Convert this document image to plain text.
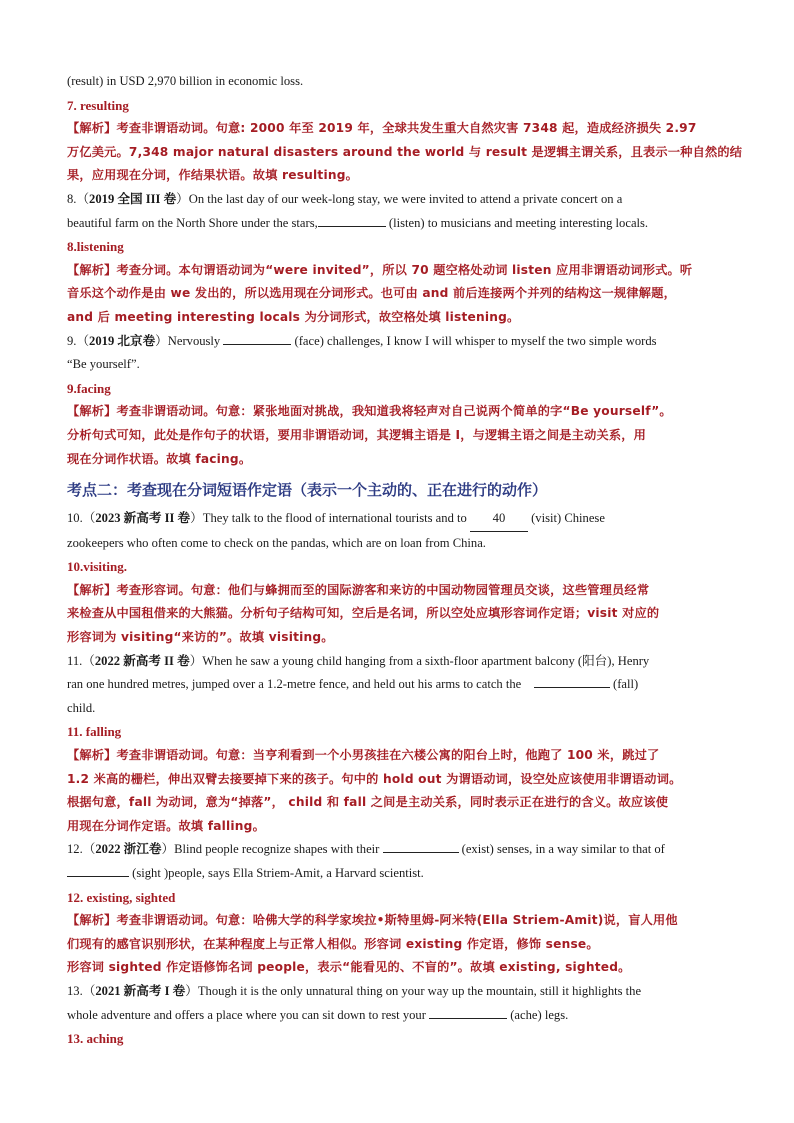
(result) in USD 2,970 billion in economic loss.
7. resulting
【解析】考查非谓语动词。句意: 2000 年至 2019 年，全球共发生重大自然灾害 7348 起，造成经济损失 2.97
万亿美元。7,348 major natural disasters around the world 与 result 是逻辑主谓关系，且表示一种自然的结
果，应用现在分词，作结果状语。故填 resulting。
8.（2019 全国 III 卷）On the last day of our week-long stay, we were invited to attend a private concert on a
beautiful farm on the North Shore under the stars,	(listen) to musicians and meeting interesting locals.
8.listening
【解析】考查分词。本句谓语动词为“were invited”，所以 70 题空格处动词 listen 应用非谓语动词形式。听
音乐这个动作是由 we 发出的，所以选用现在分词形式。也可由 and 前后连接两个并列的结构这一规律解题，
and 后 meeting interesting locals 为分词形式，故空格处填 listening。
9.（2019 北京卷）Nervously	(face) challenges, I know I will whisper to myself the two simple words
“Be yourself”.
9.facing
【解析】考查非谓语动词。句意：紧张地面对挑战，我知道我将轻声对自己说两个简单的字“Be yourself”。
分析句式可知，此处是作句子的状语，要用非谓语动词，其逻辑主语是 I，与逻辑主语之间是主动关系，用
现在分词作状语。故填 facing。
考点二：考查现在分词短语作定语（表示一个主动的、正在进行的动作）
10.（2023 新高考 II 卷）They talk to the flood of international tourists and to 40 (visit) Chinese
zookeepers who often come to check on the pandas, which are on loan from China.
10.visiting.
【解析】考查形容词。句意：他们与蜂拥而至的国际游客和来访的中国动物园管理员交谈，这些管理员经常
来检查从中国租借来的大熊猫。分析句子结构可知，空后是名词，所以空处应填形容词作定语；visit 对应的
形容词为 visiting“来访的”。故填 visiting。
11.（2022 新高考 II 卷）When he saw a young child hanging from a sixth-floor apartment balcony (阳台), Henry
ran one hundred metres, jumped over a 1.2-metre fence, and held out his arms to catch the	(fall)
child.
11. falling
【解析】考查非谓语动词。句意：当亨利看到一个小男孩挂在六楼公寓的阳台上时，他跑了 100 米，跳过了
1.2 米高的栅栏，伸出双臂去接要掉下来的孩子。句中的 hold out 为谓语动词，设空处应该使用非谓语动词。
根据句意，fall 为动词，意为“掉落”， child 和 fall 之间是主动关系，同时表示正在进行的含义。故应该使
用现在分词作定语。故填 falling。
12.（2022 浙江卷）Blind people recognize shapes with their	(exist) senses, in a way similar to that of
(sight )people, says Ella Striem-Amit, a Harvard scientist.
12. existing, sighted
【解析】考查非谓语动词。句意：哈佛大学的科学家埃拉•斯特里姆-阿米特(Ella Striem-Amit)说，盲人用他
们现有的感官识别形状，在某种程度上与正常人相似。形容词 existing 作定语，修饰 sense。
形容词 sighted 作定语修饰名词 people，表示“能看见的、不盲的”。故填 existing, sighted。
13.（2021 新高考 I 卷）Though it is the only unnatural thing on your way up the mountain, still it highlights the
whole adventure and offers a place where you can sit down to rest your	(ache) legs.
13. aching
